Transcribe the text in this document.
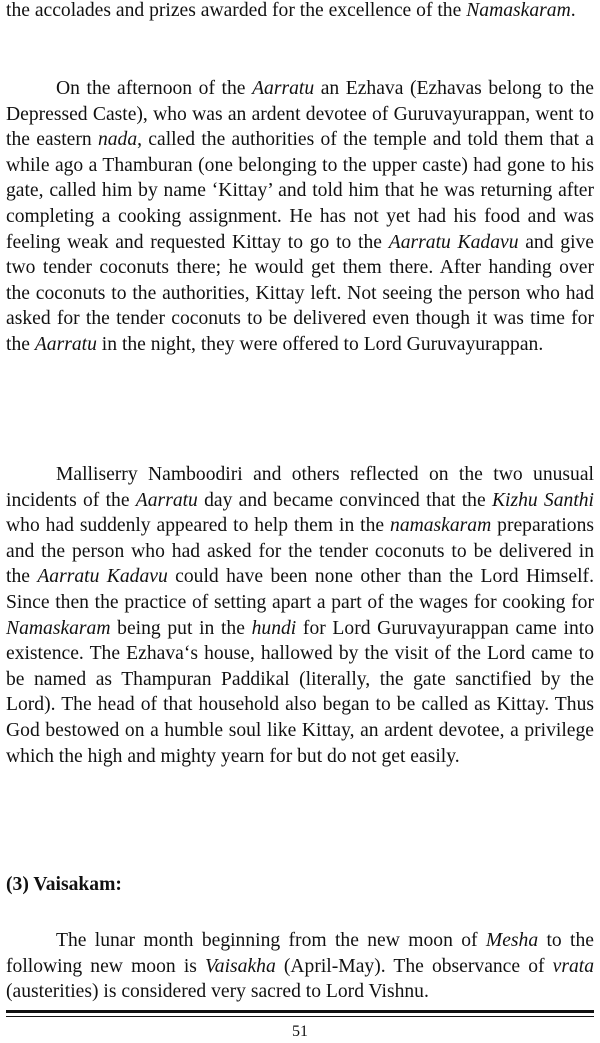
the accolades and prizes awarded for the excellence of the Namaskaram.

On the afternoon of the Aarratu an Ezhava (Ezhavas belong to the Depressed Caste), who was an ardent devotee of Guruvayurappan, went to the eastern nada, called the authorities of the temple and told them that a while ago a Thamburan (one belonging to the upper caste) had gone to his gate, called him by name ‘Kittay’ and told him that he was returning after completing a cooking assignment. He has not yet had his food and was feeling weak and requested Kittay to go to the Aarratu Kadavu and give two tender coconuts there; he would get them there. After handing over the coconuts to the authorities, Kittay left. Not seeing the person who had asked for the tender coconuts to be delivered even though it was time for the Aarratu in the night, they were offered to Lord Guruvayurappan.

Malliserry Namboodiri and others reflected on the two unusual incidents of the Aarratu day and became convinced that the Kizhu Santhi who had suddenly appeared to help them in the namaskaram preparations and the person who had asked for the tender coconuts to be delivered in the Aarratu Kadavu could have been none other than the Lord Himself. Since then the practice of setting apart a part of the wages for cooking for Namaskaram being put in the hundi for Lord Guruvayurappan came into existence. The Ezhava‘s house, hallowed by the visit of the Lord came to be named as Thampuran Paddikal (literally, the gate sanctified by the Lord). The head of that household also began to be called as Kittay. Thus God bestowed on a humble soul like Kittay, an ardent devotee, a privilege which the high and mighty yearn for but do not get easily.

(3) Vaisakam:

The lunar month beginning from the new moon of Mesha to the following new moon is Vaisakha (April-May). The observance of vrata (austerities) is considered very sacred to Lord Vishnu.

51
